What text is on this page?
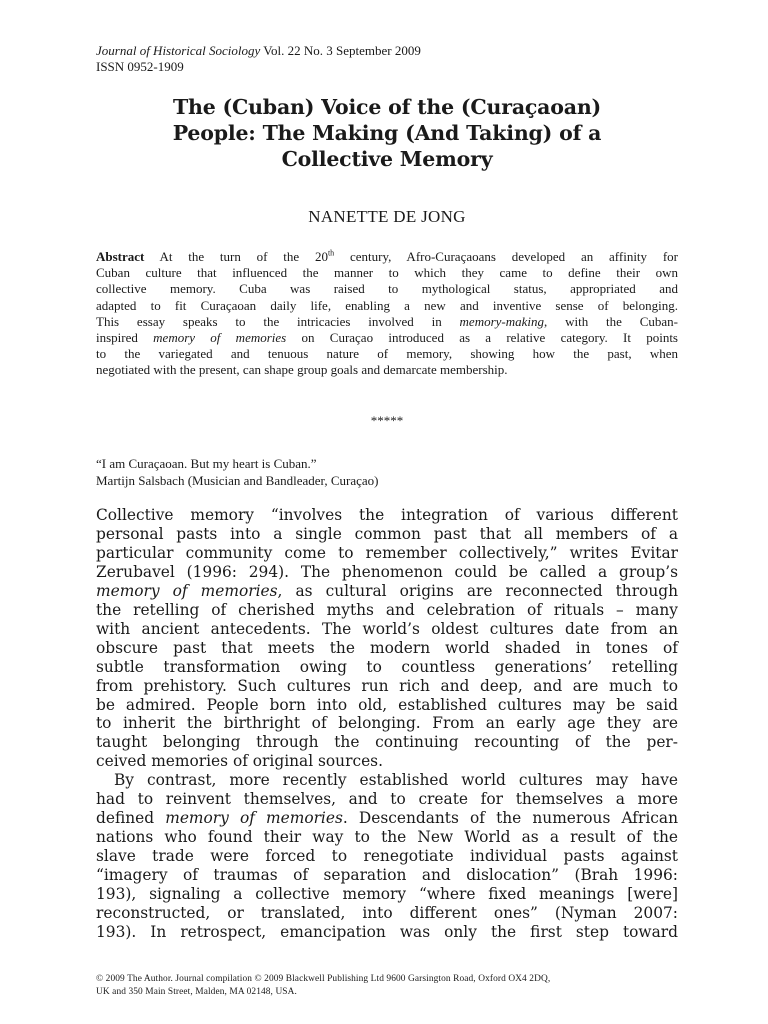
Journal of Historical Sociology Vol. 22 No. 3 September 2009
ISSN 0952-1909
The (Cuban) Voice of the (Curaçaoan)
People: The Making (And Taking) of a
Collective Memory
NANETTE DE JONG
Abstract At the turn of the 20th century, Afro-Curaçaoans developed an affinity for
Cuban culture that influenced the manner to which they came to define their own
collective memory. Cuba was raised to mythological status, appropriated and
adapted to fit Curaçaoan daily life, enabling a new and inventive sense of belonging.
This essay speaks to the intricacies involved in memory-making, with the Cuban-
inspired memory of memories on Curaçao introduced as a relative category. It points
to the variegated and tenuous nature of memory, showing how the past, when
negotiated with the present, can shape group goals and demarcate membership.
*****
“I am Curaçaoan. But my heart is Cuban.”
Martijn Salsbach (Musician and Bandleader, Curaçao)
Collective memory “involves the integration of various different
personal pasts into a single common past that all members of a
particular community come to remember collectively,” writes Evitar
Zerubavel (1996: 294). The phenomenon could be called a group’s
memory of memories, as cultural origins are reconnected through
the retelling of cherished myths and celebration of rituals – many
with ancient antecedents. The world’s oldest cultures date from an
obscure past that meets the modern world shaded in tones of
subtle transformation owing to countless generations’ retelling
from prehistory. Such cultures run rich and deep, and are much to
be admired. People born into old, established cultures may be said
to inherit the birthright of belonging. From an early age they are
taught belonging through the continuing recounting of the per-
ceived memories of original sources.
By contrast, more recently established world cultures may have
had to reinvent themselves, and to create for themselves a more
defined memory of memories. Descendants of the numerous African
nations who found their way to the New World as a result of the
slave trade were forced to renegotiate individual pasts against
“imagery of traumas of separation and dislocation” (Brah 1996:
193), signaling a collective memory “where fixed meanings [were]
reconstructed, or translated, into different ones” (Nyman 2007:
193). In retrospect, emancipation was only the first step toward
© 2009 The Author. Journal compilation © 2009 Blackwell Publishing Ltd 9600 Garsington Road, Oxford OX4 2DQ,
UK and 350 Main Street, Malden, MA 02148, USA.
